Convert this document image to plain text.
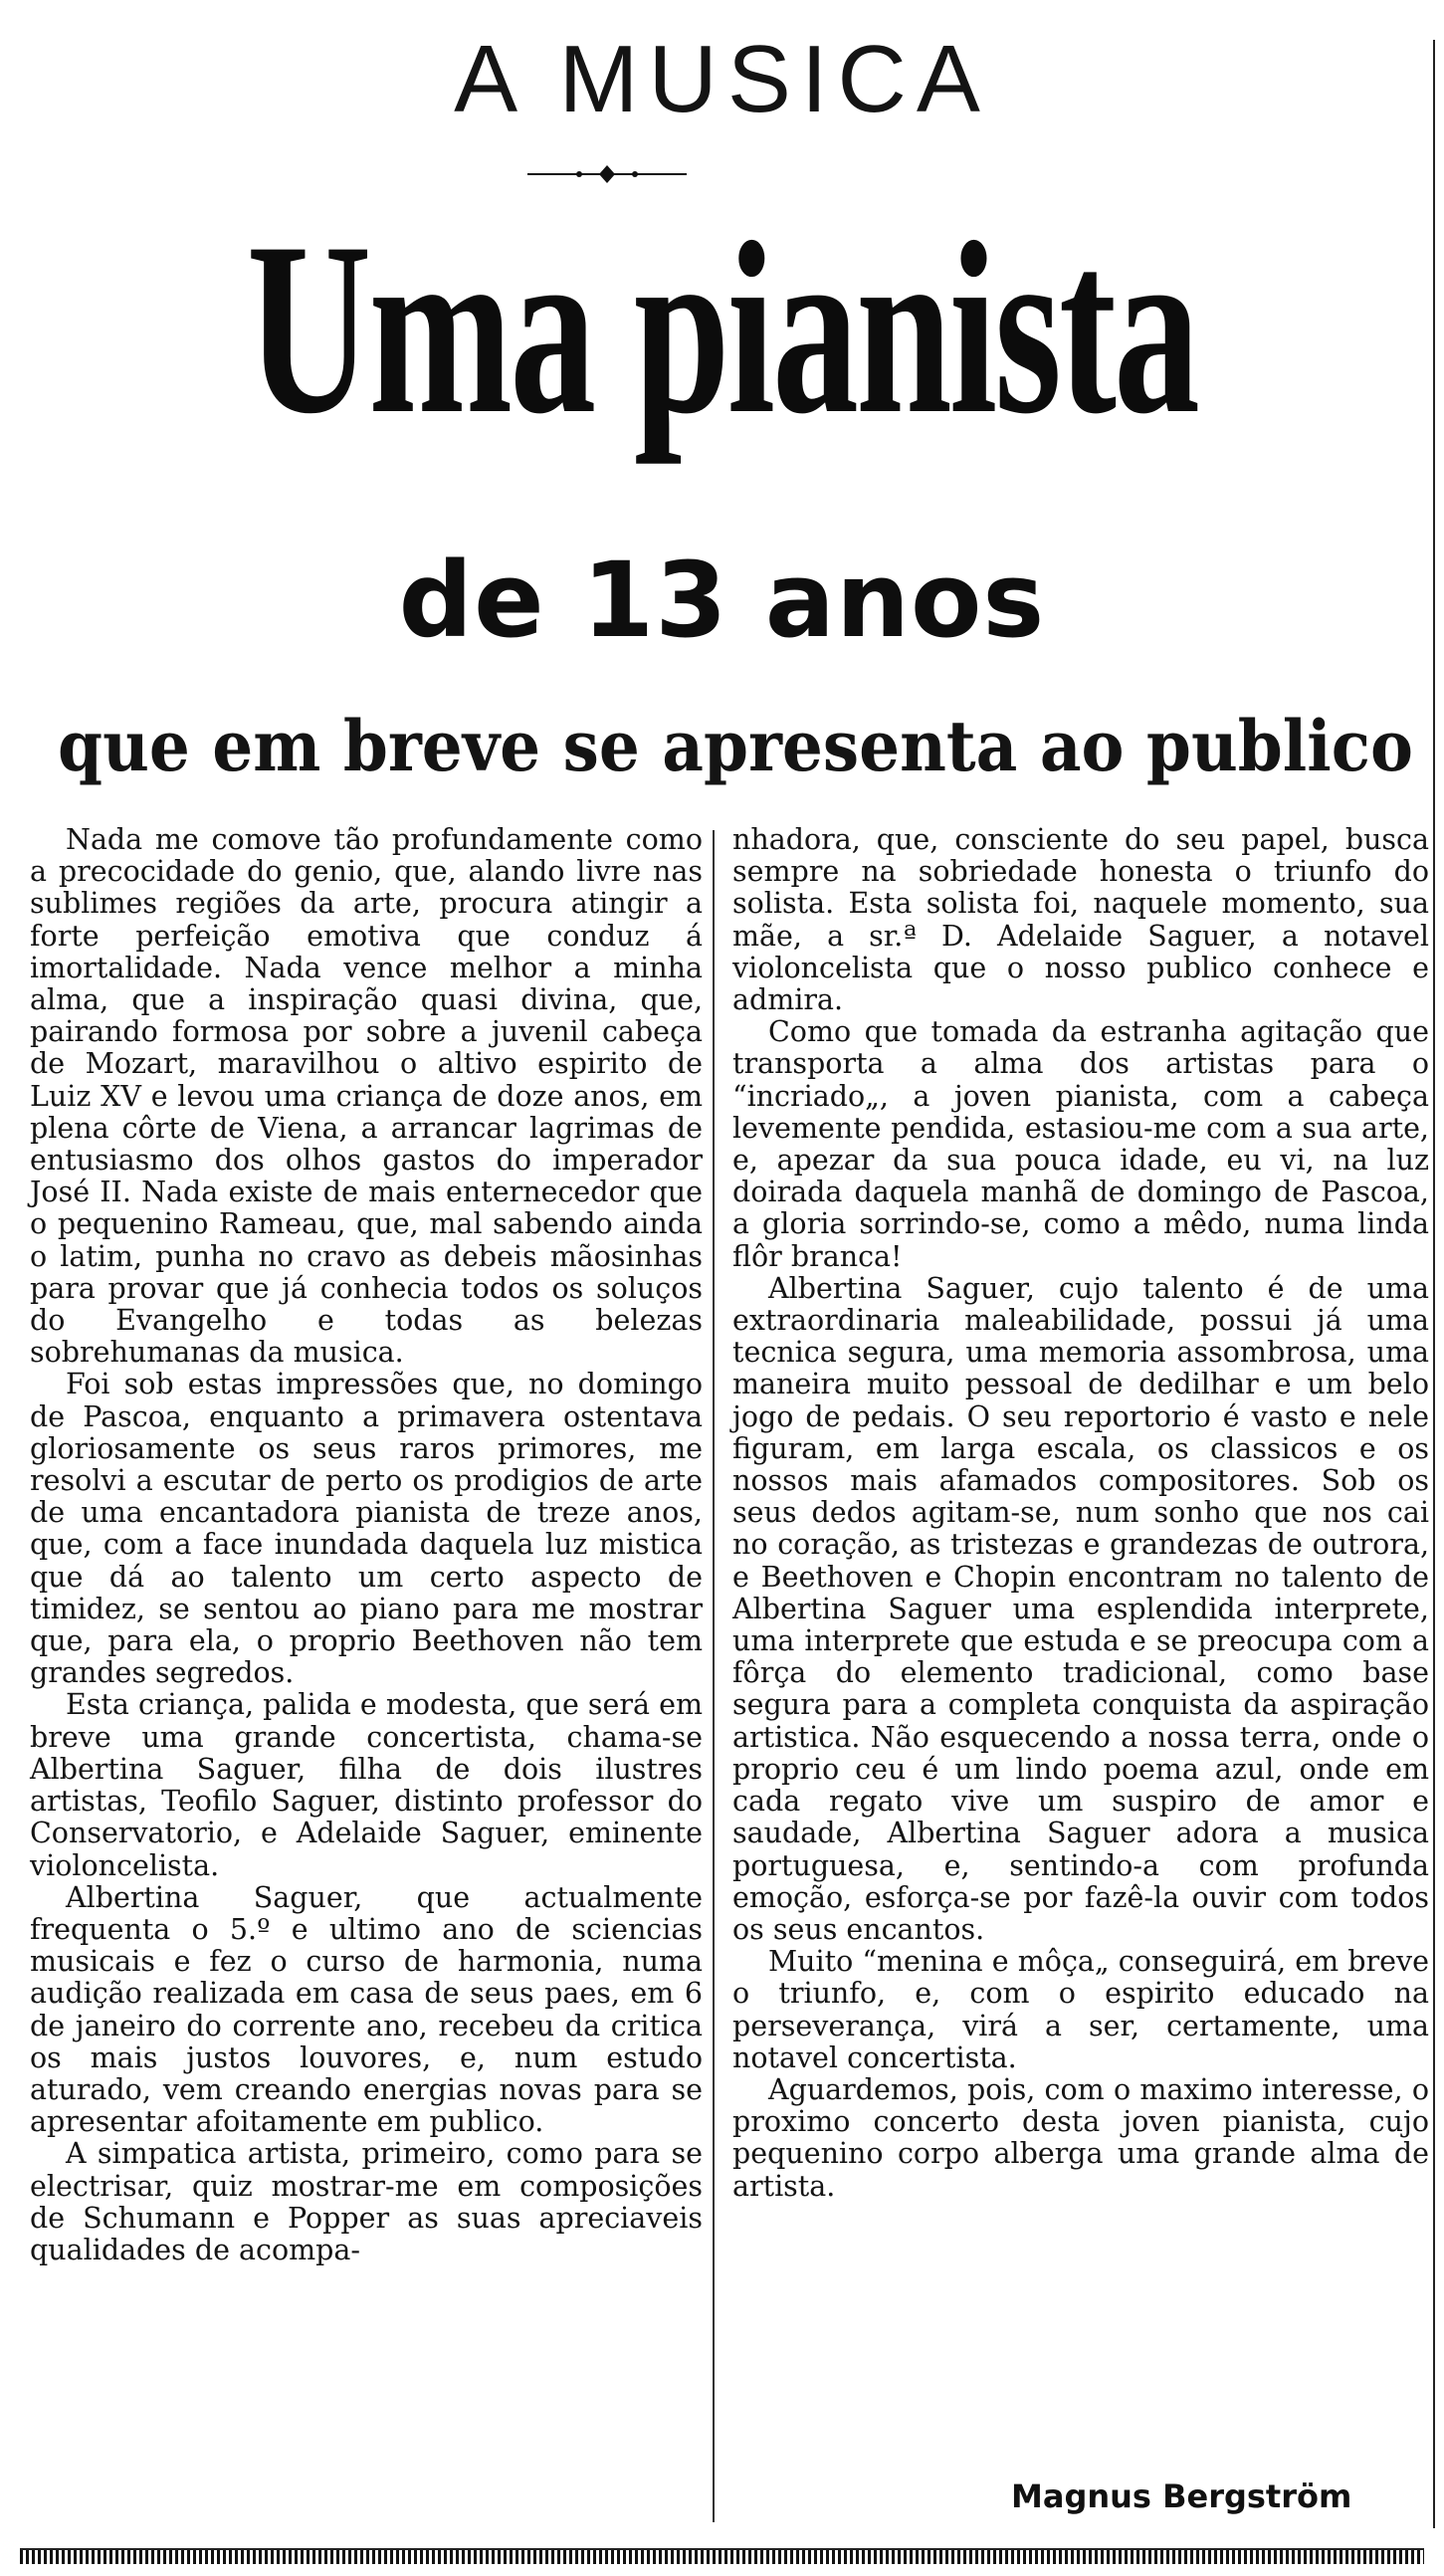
A MUSICA
Uma pianista
de 13 anos
que em breve se apresenta ao publico

Nada me comove tão profundamente como a precocidade do genio, que, alando livre nas sublimes regiões da arte, procura atingir a forte perfeição emotiva que conduz á imortalidade. Nada vence melhor a minha alma, que a inspiração quasi divina, que, pairando formosa por sobre a juvenil cabeça de Mozart, maravilhou o altivo espirito de Luiz XV e levou uma criança de doze anos, em plena côrte de Viena, a arrancar lagrimas de entusiasmo dos olhos gastos do imperador José II. Nada existe de mais enternecedor que o pequenino Rameau, que, mal sabendo ainda o latim, punha no cravo as debeis mãosinhas para provar que já conhecia todos os soluços do Evangelho e todas as belezas sobrehumanas da musica.

Foi sob estas impressões que, no domingo de Pascoa, enquanto a primavera ostentava gloriosamente os seus raros primores, me resolvi a escutar de perto os prodigios de arte de uma encantadora pianista de treze anos, que, com a face inundada daquela luz mistica que dá ao talento um certo aspecto de timidez, se sentou ao piano para me mostrar que, para ela, o proprio Beethoven não tem grandes segredos.

Esta criança, palida e modesta, que será em breve uma grande concertista, chama-se Albertina Saguer, filha de dois ilustres artistas, Teofilo Saguer, distinto professor do Conservatorio, e Adelaide Saguer, eminente violoncelista.

Albertina Saguer, que actualmente frequenta o 5.º e ultimo ano de sciencias musicais e fez o curso de harmonia, numa audição realizada em casa de seus paes, em 6 de janeiro do corrente ano, recebeu da critica os mais justos louvores, e, num estudo aturado, vem creando energias novas para se apresentar afoitamente em publico.

A simpatica artista, primeiro, como para se electrisar, quiz mostrar-me em composições de Schumann e Popper as suas apreciaveis qualidades de acompa-

nhadora, que, consciente do seu papel, busca sempre na sobriedade honesta o triunfo do solista. Esta solista foi, naquele momento, sua mãe, a sr.ª D. Adelaide Saguer, a notavel violoncelista que o nosso publico conhece e admira.

Como que tomada da estranha agitação que transporta a alma dos artistas para o “incriado„, a joven pianista, com a cabeça levemente pendida, estasiou-me com a sua arte, e, apezar da sua pouca idade, eu vi, na luz doirada daquela manhã de domingo de Pascoa, a gloria sorrindo-se, como a mêdo, numa linda flôr branca!

Albertina Saguer, cujo talento é de uma extraordinaria maleabilidade, possui já uma tecnica segura, uma memoria assombrosa, uma maneira muito pessoal de dedilhar e um belo jogo de pedais. O seu reportorio é vasto e nele figuram, em larga escala, os classicos e os nossos mais afamados compositores. Sob os seus dedos agitam-se, num sonho que nos cai no coração, as tristezas e grandezas de outrora, e Beethoven e Chopin encontram no talento de Albertina Saguer uma esplendida interprete, uma interprete que estuda e se preocupa com a fôrça do elemento tradicional, como base segura para a completa conquista da aspiração artistica. Não esquecendo a nossa terra, onde o proprio ceu é um lindo poema azul, onde em cada regato vive um suspiro de amor e saudade, Albertina Saguer adora a musica portuguesa, e, sentindo-a com profunda emoção, esforça-se por fazê-la ouvir com todos os seus encantos.

Muito “menina e môça„ conseguirá, em breve o triunfo, e, com o espirito educado na perseverança, virá a ser, certamente, uma notavel concertista.

Aguardemos, pois, com o maximo interesse, o proximo concerto desta joven pianista, cujo pequenino corpo alberga uma grande alma de artista.

Magnus Bergström
